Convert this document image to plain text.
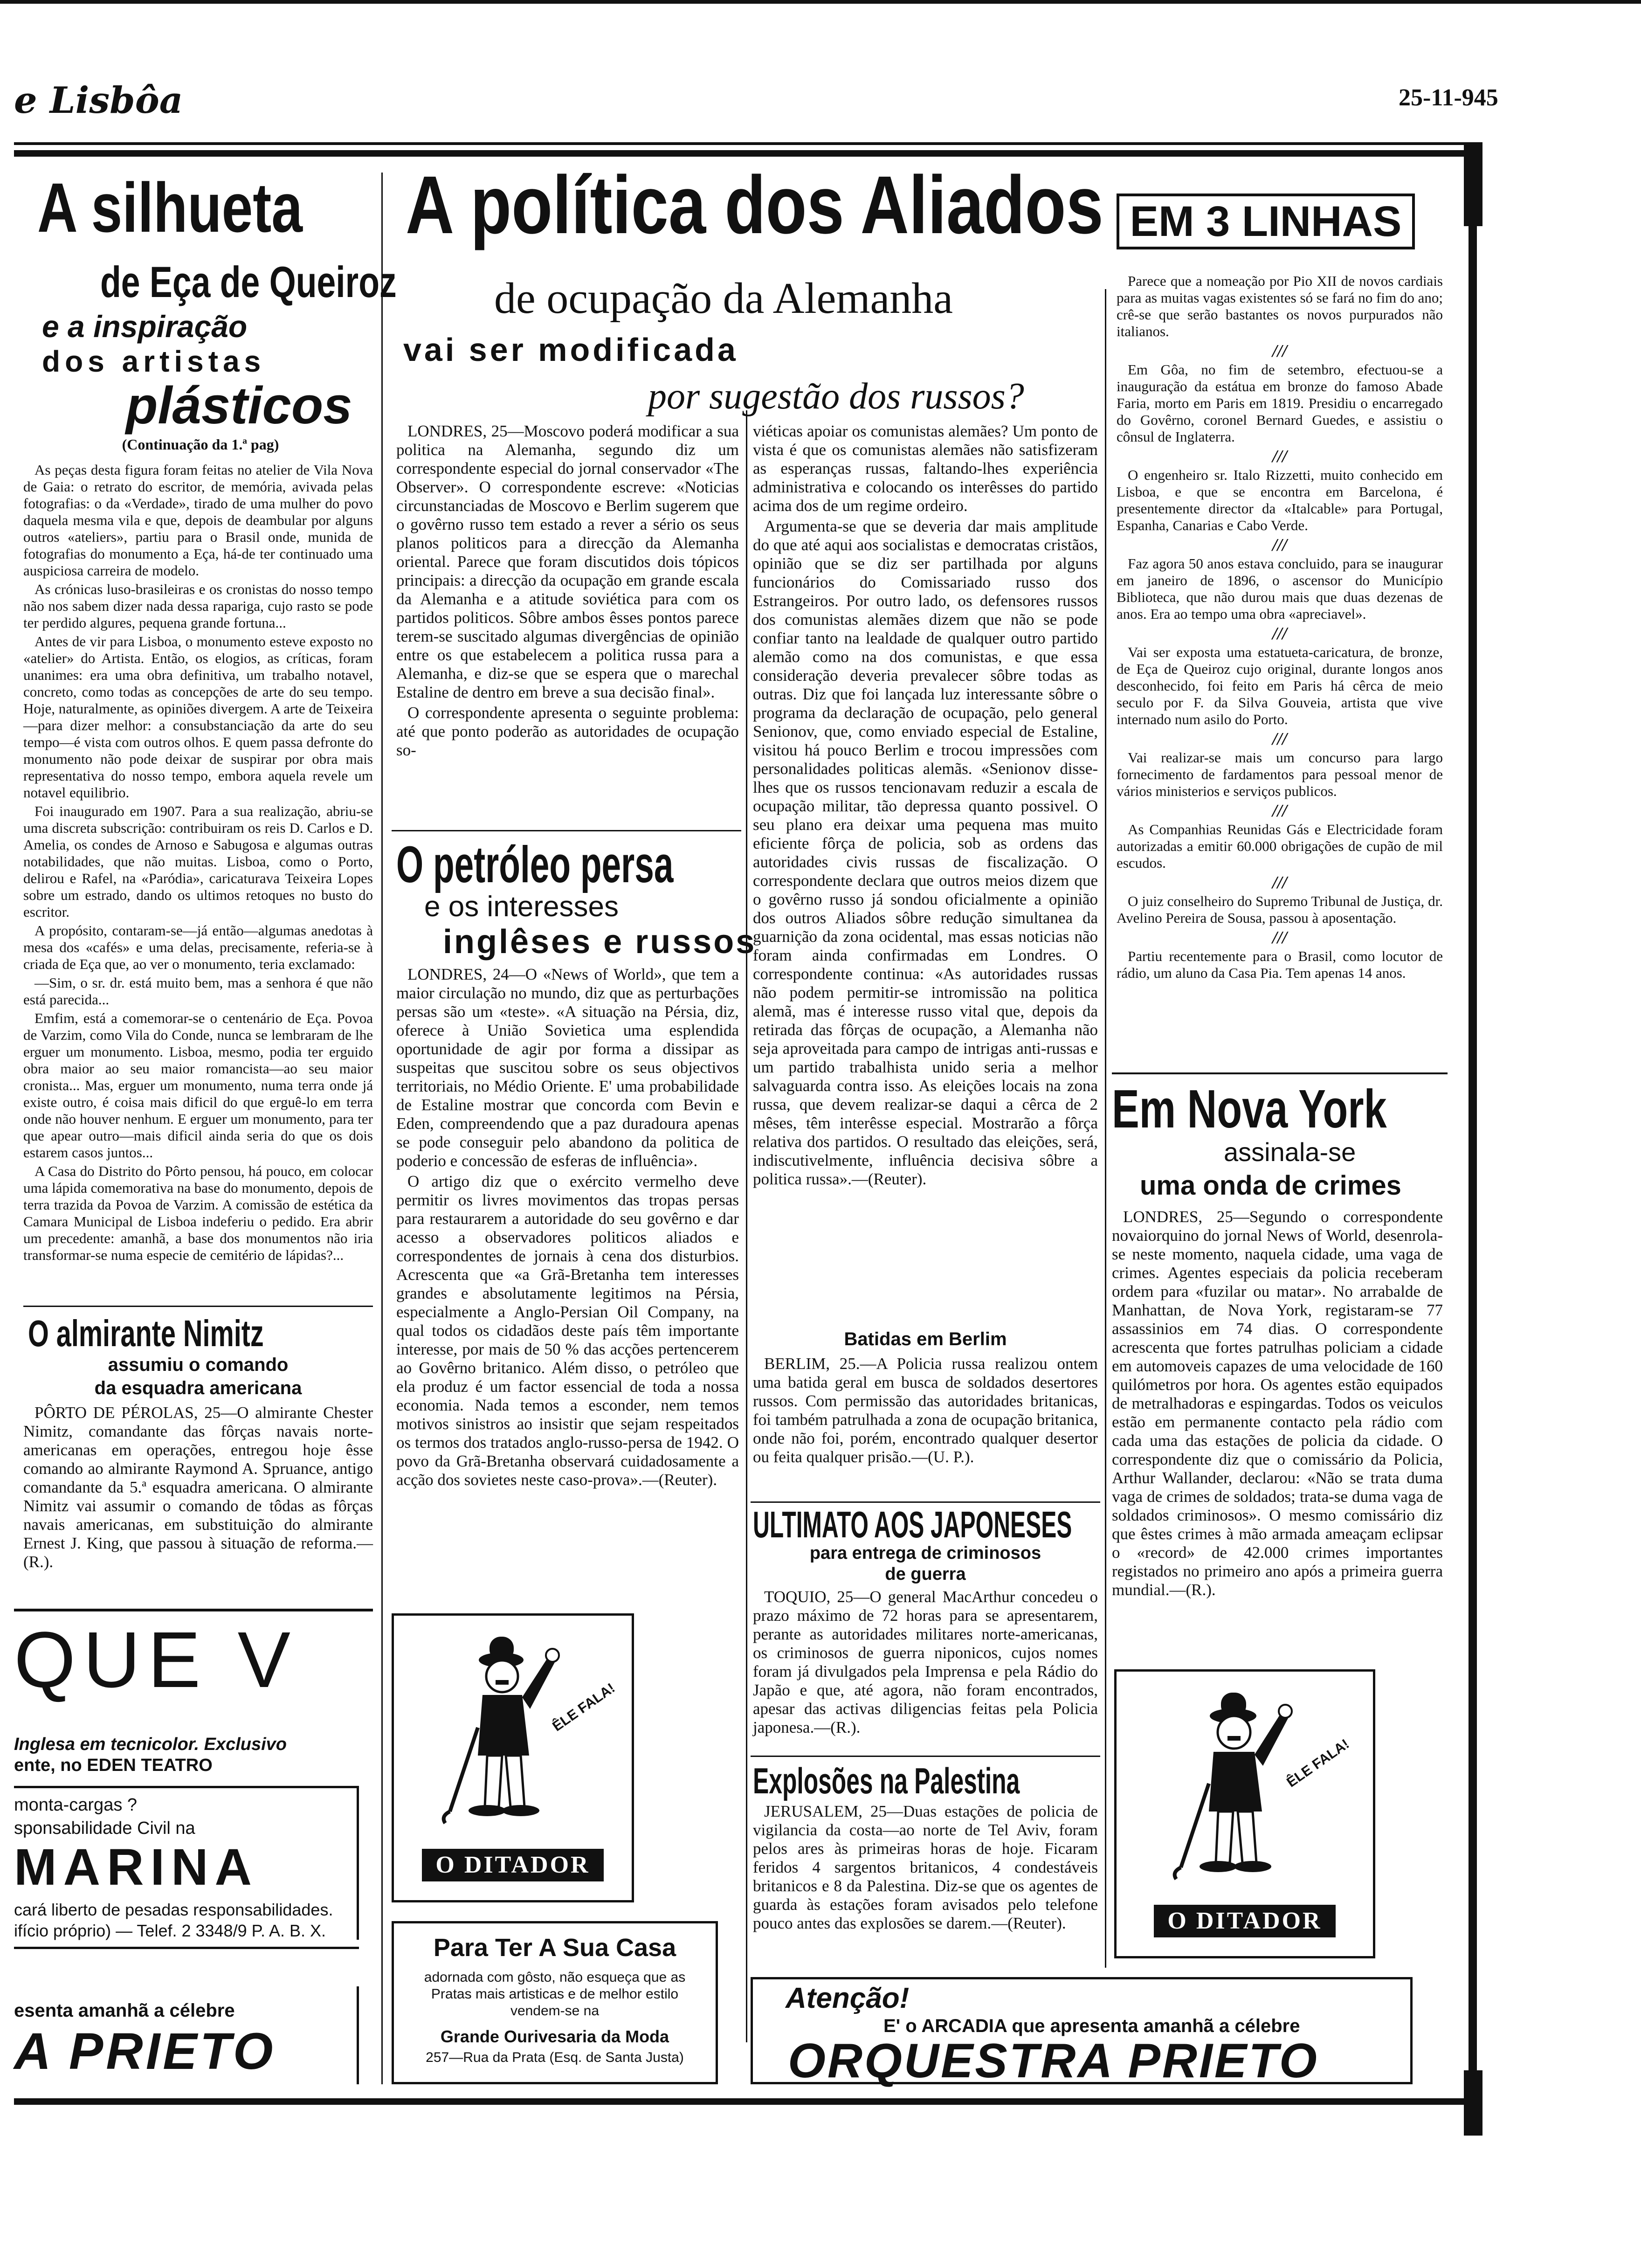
e Lisbôa	25-11-945
A silhueta
de Eça de Queiroz
e a inspiração
dos artistas
plásticos
(Continuação da 1.ª pag)

As peças desta figura foram feitas no atelier de Vila Nova de Gaia: o retrato do escritor, de memória, avivada pelas fotografias: o da «Verdade», tirado de uma mulher do povo daquela mesma vila e que, depois de deambular por alguns outros «ateliers», partiu para o Brasil onde, munida de fotografias do monumento a Eça, há-de ter continuado uma auspiciosa carreira de modelo.

As crónicas luso-brasileiras e os cronistas do nosso tempo não nos sabem dizer nada dessa rapariga, cujo rasto se pode ter perdido algures, pequena grande fortuna...

Antes de vir para Lisboa, o monumento esteve exposto no «atelier» do Artista. Então, os elogios, as críticas, foram unanimes: era uma obra definitiva, um trabalho notavel, concreto, como todas as concepções de arte do seu tempo. Hoje, naturalmente, as opiniões divergem. A arte de Teixeira—para dizer melhor: a consubstanciação da arte do seu tempo—é vista com outros olhos. E quem passa defronte do monumento não pode deixar de suspirar por obra mais representativa do nosso tempo, embora aquela revele um notavel equilibrio.

Foi inaugurado em 1907. Para a sua realização, abriu-se uma discreta subscrição: contribuiram os reis D. Carlos e D. Amelia, os condes de Arnoso e Sabugosa e algumas outras notabilidades, que não muitas. Lisboa, como o Porto, delirou e Rafel, na «Paródia», caricaturava Teixeira Lopes sobre um estrado, dando os ultimos retoques no busto do escritor.

A propósito, contaram-se—já então—algumas anedotas à mesa dos «cafés» e uma delas, precisamente, referia-se à criada de Eça que, ao ver o monumento, teria exclamado:

—Sim, o sr. dr. está muito bem, mas a senhora é que não está parecida...

Emfim, está a comemorar-se o centenário de Eça. Povoa de Varzim, como Vila do Conde, nunca se lembraram de lhe erguer um monumento. Lisboa, mesmo, podia ter erguido obra maior ao seu maior romancista—ao seu maior cronista... Mas, erguer um monumento, numa terra onde já existe outro, é coisa mais dificil do que erguê-lo em terra onde não houver nenhum. E erguer um monumento, para ter que apear outro—mais dificil ainda seria do que os dois estarem casos juntos...

A Casa do Distrito do Pôrto pensou, há pouco, em colocar uma lápida comemorativa na base do monumento, depois de terra trazida da Povoa de Varzim. A comissão de estética da Camara Municipal de Lisboa indeferiu o pedido. Era abrir um precedente: amanhã, a base dos monumentos não iria transformar-se numa especie de cemitério de lápidas?...

O almirante Nimitz
assumiu o comando
da esquadra americana

PÔRTO DE PÉROLAS, 25—O almirante Chester Nimitz, comandante das fôrças navais norte-americanas em operações, entregou hoje êsse comando ao almirante Raymond A. Spruance, antigo comandante da 5.ª esquadra americana. O almirante Nimitz vai assumir o comando de tôdas as fôrças navais americanas, em substituição do almirante Ernest J. King, que passou à situação de reforma.—(R.).

QUE V
Inglesa em tecnicolor. Exclusivo
ente, no EDEN TEATRO
monta-cargas ?
sponsabilidade Civil na
MARINA
cará liberto de pesadas responsabilidades.
ifício próprio) — Telef. 2 3348/9 P. A. B. X.
esenta amanhã a célebre
A PRIETO
A política dos Aliados
de ocupação da Alemanha
vai ser modificada
por sugestão dos russos?

LONDRES, 25—Moscovo poderá modificar a sua politica na Alemanha, segundo diz um correspondente especial do jornal conservador «The Observer». O correspondente escreve: «Noticias circunstanciadas de Moscovo e Berlim sugerem que o govêrno russo tem estado a rever a sério os seus planos politicos para a direcção da Alemanha oriental. Parece que foram discutidos dois tópicos principais: a direcção da ocupação em grande escala da Alemanha e a atitude soviética para com os partidos politicos. Sôbre ambos êsses pontos parece terem-se suscitado algumas divergências de opinião entre os que estabelecem a politica russa para a Alemanha, e diz-se que se espera que o marechal Estaline de dentro em breve a sua decisão final».

O correspondente apresenta o seguinte problema: até que ponto poderão as autoridades de ocupação so-

viéticas apoiar os comunistas alemães? Um ponto de vista é que os comunistas alemães não satisfizeram as esperanças russas, faltando-lhes experiência administrativa e colocando os interêsses do partido acima dos de um regime ordeiro.

Argumenta-se que se deveria dar mais amplitude do que até aqui aos socialistas e democratas cristãos, opinião que se diz ser partilhada por alguns funcionários do Comissariado russo dos Estrangeiros. Por outro lado, os defensores russos dos comunistas alemães dizem que não se pode confiar tanto na lealdade de qualquer outro partido alemão como na dos comunistas, e que essa consideração deveria prevalecer sôbre todas as outras. Diz que foi lançada luz interessante sôbre o programa da declaração de ocupação, pelo general Senionov, que, como enviado especial de Estaline, visitou há pouco Berlim e trocou impressões com personalidades politicas alemãs. «Senionov disse-lhes que os russos tencionavam reduzir a escala de ocupação militar, tão depressa quanto possivel. O seu plano era deixar uma pequena mas muito eficiente fôrça de policia, sob as ordens das autoridades civis russas de fiscalização. O correspondente declara que outros meios dizem que o govêrno russo já sondou oficialmente a opinião dos outros Aliados sôbre redução simultanea da guarnição da zona ocidental, mas essas noticias não foram ainda confirmadas em Londres. O correspondente continua: «As autoridades russas não podem permitir-se intromissão na politica alemã, mas é interesse russo vital que, depois da retirada das fôrças de ocupação, a Alemanha não seja aproveitada para campo de intrigas anti-russas e um partido trabalhista unido seria a melhor salvaguarda contra isso. As eleições locais na zona russa, que devem realizar-se daqui a cêrca de 2 mêses, têm interêsse especial. Mostrarão a fôrça relativa dos partidos. O resultado das eleições, será, indiscutivelmente, influência decisiva sôbre a politica russa».—(Reuter).

O petróleo persa
e os interesses
inglêses e russos

LONDRES, 24—O «News of World», que tem a maior circulação no mundo, diz que as perturbações persas são um «teste». «A situação na Pérsia, diz, oferece à União Sovietica uma esplendida oportunidade de agir por forma a dissipar as suspeitas que suscitou sobre os seus objectivos territoriais, no Médio Oriente. E' uma probabilidade de Estaline mostrar que concorda com Bevin e Eden, compreendendo que a paz duradoura apenas se pode conseguir pelo abandono da politica de poderio e concessão de esferas de influência».

O artigo diz que o exército vermelho deve permitir os livres movimentos das tropas persas para restaurarem a autoridade do seu govêrno e dar acesso a observadores politicos aliados e correspondentes de jornais à cena dos disturbios. Acrescenta que «a Grã-Bretanha tem interesses grandes e absolutamente legitimos na Pérsia, especialmente a Anglo-Persian Oil Company, na qual todos os cidadãos deste país têm importante interesse, por mais de 50 % das acções pertencerem ao Govêrno britanico. Além disso, o petróleo que ela produz é um factor essencial de toda a nossa economia. Nada temos a esconder, nem temos motivos sinistros ao insistir que sejam respeitados os termos dos tratados anglo-russo-persa de 1942. O povo da Grã-Bretanha observará cuidadosamente a acção dos sovietes neste caso-prova».—(Reuter).

Batidas em Berlim

BERLIM, 25.—A Policia russa realizou ontem uma batida geral em busca de soldados desertores russos. Com permissão das autoridades britanicas, foi também patrulhada a zona de ocupação britanica, onde não foi, porém, encontrado qualquer desertor ou feita qualquer prisão.—(U. P.).

ULTIMATO AOS JAPONESES
para entrega de criminosos
de guerra

TOQUIO, 25—O general MacArthur concedeu o prazo máximo de 72 horas para se apresentarem, perante as autoridades militares norte-americanas, os criminosos de guerra niponicos, cujos nomes foram já divulgados pela Imprensa e pela Rádio do Japão e que, até agora, não foram encontrados, apesar das activas diligencias feitas pela Policia japonesa.—(R.).

Explosões na Palestina

JERUSALEM, 25—Duas estações de policia de vigilancia da costa—ao norte de Tel Aviv, foram pelos ares às primeiras horas de hoje. Ficaram feridos 4 sargentos britanicos, 4 condestáveis britanicos e 8 da Palestina. Diz-se que os agentes de guarda às estações foram avisados pelo telefone pouco antes das explosões se darem.—(Reuter).

ÊLE FALA!
O DITADOR
Para Ter A Sua Casa
adornada com gôsto, não esqueça que as Pratas mais artisticas e de melhor estilo vendem-se na
Grande Ourivesaria da Moda
257—Rua da Prata (Esq. de Santa Justa)
Atenção!
E' o ARCADIA que apresenta amanhã a célebre
ORQUESTRA PRIETO
EM 3 LINHAS

Parece que a nomeação por Pio XII de novos cardiais para as muitas vagas existentes só se fará no fim do ano; crê-se que serão bastantes os novos purpurados não italianos.

///

Em Gôa, no fim de setembro, efectuou-se a inauguração da estátua em bronze do famoso Abade Faria, morto em Paris em 1819. Presidiu o encarregado do Govêrno, coronel Bernard Guedes, e assistiu o cônsul de Inglaterra.

///

O engenheiro sr. Italo Rizzetti, muito conhecido em Lisboa, e que se encontra em Barcelona, é presentemente director da «Italcable» para Portugal, Espanha, Canarias e Cabo Verde.

///

Faz agora 50 anos estava concluido, para se inaugurar em janeiro de 1896, o ascensor do Município Biblioteca, que não durou mais que duas dezenas de anos. Era ao tempo uma obra «apreciavel».

///

Vai ser exposta uma estatueta-caricatura, de bronze, de Eça de Queiroz cujo original, durante longos anos desconhecido, foi feito em Paris há cêrca de meio seculo por F. da Silva Gouveia, artista que vive internado num asilo do Porto.

///

Vai realizar-se mais um concurso para largo fornecimento de fardamentos para pessoal menor de vários ministerios e serviços publicos.

///

As Companhias Reunidas Gás e Electricidade foram autorizadas a emitir 60.000 obrigações de cupão de mil escudos.

///

O juiz conselheiro do Supremo Tribunal de Justiça, dr. Avelino Pereira de Sousa, passou à aposentação.

///

Partiu recentemente para o Brasil, como locutor de rádio, um aluno da Casa Pia. Tem apenas 14 anos.

Em Nova York
assinala-se
uma onda de crimes

LONDRES, 25—Segundo o correspondente novaiorquino do jornal News of World, desenrola-se neste momento, naquela cidade, uma vaga de crimes. Agentes especiais da policia receberam ordem para «fuzilar ou matar». No arrabalde de Manhattan, de Nova York, registaram-se 77 assassinios em 74 dias. O correspondente acrescenta que fortes patrulhas policiam a cidade em automoveis capazes de uma velocidade de 160 quilómetros por hora. Os agentes estão equipados de metralhadoras e espingardas. Todos os veiculos estão em permanente contacto pela rádio com cada uma das estações de policia da cidade. O correspondente diz que o comissário da Policia, Arthur Wallander, declarou: «Não se trata duma vaga de crimes de soldados; trata-se duma vaga de soldados criminosos». O mesmo comissário diz que êstes crimes à mão armada ameaçam eclipsar o «record» de 42.000 crimes importantes registados no primeiro ano após a primeira guerra mundial.—(R.).

ÊLE FALA!
O DITADOR
